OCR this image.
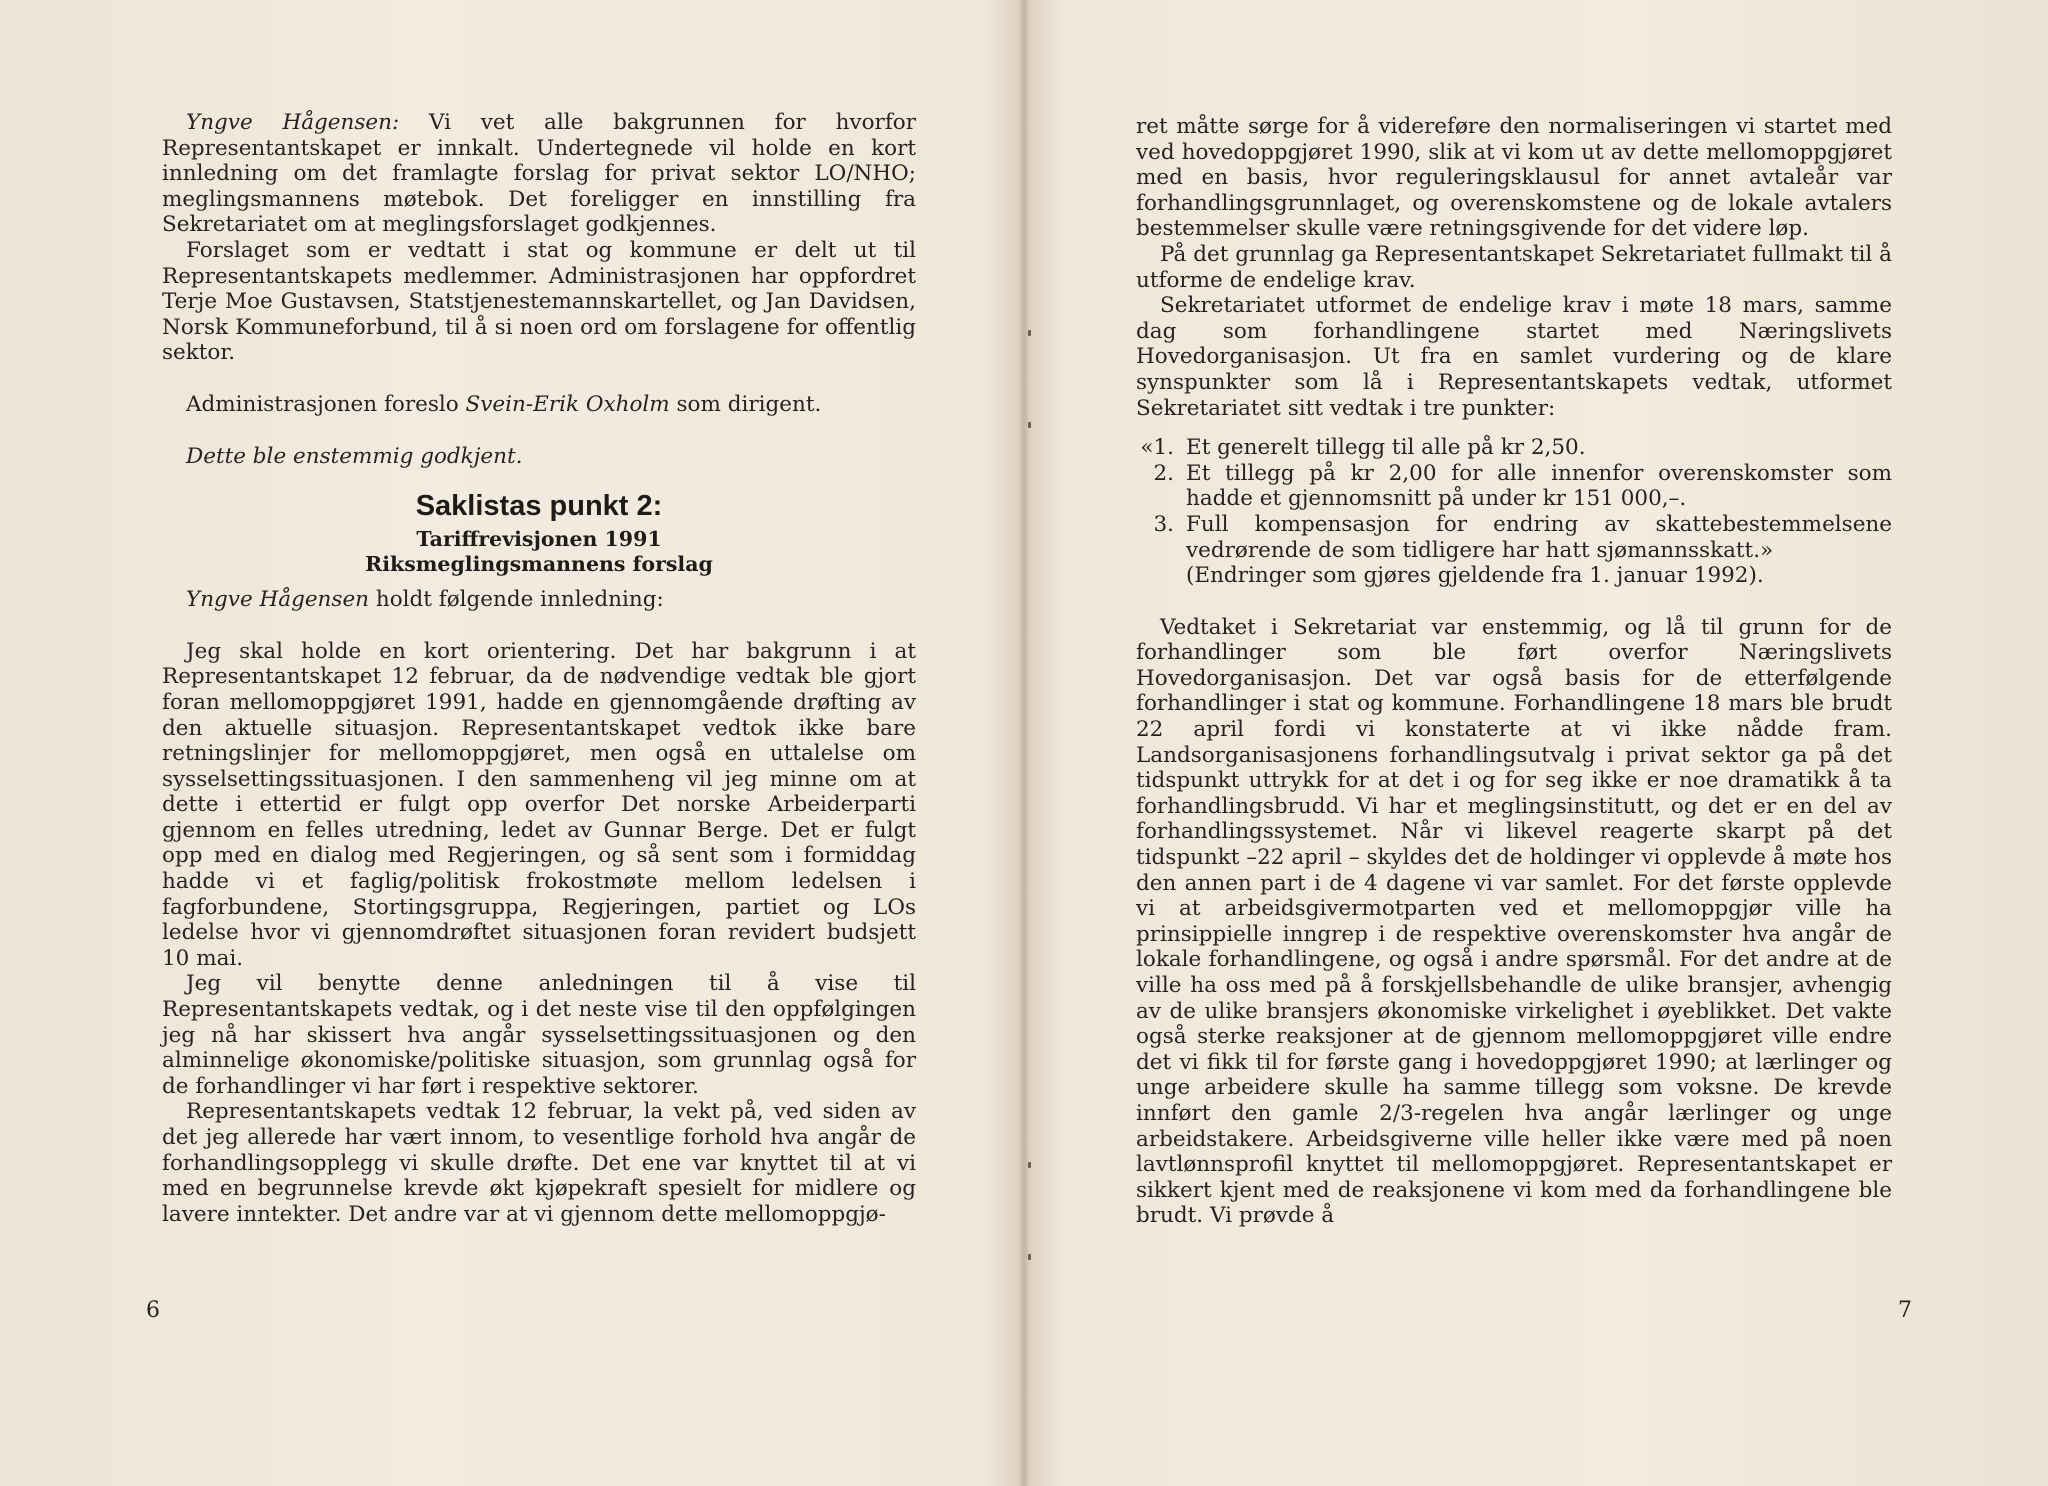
Yngve Hågensen: Vi vet alle bakgrunnen for hvorfor Representantskapet er innkalt. Undertegnede vil holde en kort innledning om det framlagte forslag for privat sektor LO/NHO; meglingsmannens møtebok. Det foreligger en innstilling fra Sekretariatet om at meglingsforslaget godkjennes.

Forslaget som er vedtatt i stat og kommune er delt ut til Representantskapets medlemmer. Administrasjonen har oppfordret Terje Moe Gustavsen, Statstjenestemannskartellet, og Jan Davidsen, Norsk Kommuneforbund, til å si noen ord om forslagene for offentlig sektor.

Administrasjonen foreslo Svein-Erik Oxholm som dirigent.

Dette ble enstemmig godkjent.

Saklistas punkt 2:
Tariffrevisjonen 1991
Riksmeglingsmannens forslag

Yngve Hågensen holdt følgende innledning:

Jeg skal holde en kort orientering. Det har bakgrunn i at Representantskapet 12 februar, da de nødvendige vedtak ble gjort foran mellomoppgjøret 1991, hadde en gjennomgående drøfting av den aktuelle situasjon. Representantskapet vedtok ikke bare retningslinjer for mellomoppgjøret, men også en uttalelse om sysselsettingssituasjonen. I den sammenheng vil jeg minne om at dette i ettertid er fulgt opp overfor Det norske Arbeiderparti gjennom en felles utredning, ledet av Gunnar Berge. Det er fulgt opp med en dialog med Regjeringen, og så sent som i formiddag hadde vi et faglig/politisk frokostmøte mellom ledelsen i fagforbundene, Stortingsgruppa, Regjeringen, partiet og LOs ledelse hvor vi gjennomdrøftet situasjonen foran revidert budsjett 10 mai.

Jeg vil benytte denne anledningen til å vise til Representantskapets vedtak, og i det neste vise til den oppfølgingen jeg nå har skissert hva angår sysselsettingssituasjonen og den alminnelige økonomiske/politiske situasjon, som grunnlag også for de forhandlinger vi har ført i respektive sektorer.

Representantskapets vedtak 12 februar, la vekt på, ved siden av det jeg allerede har vært innom, to vesentlige forhold hva angår de forhandlingsopplegg vi skulle drøfte. Det ene var knyttet til at vi med en begrunnelse krevde økt kjøpekraft spesielt for midlere og lavere inntekter. Det andre var at vi gjennom dette mellomoppgjø-

6

ret måtte sørge for å videreføre den normaliseringen vi startet med ved hovedoppgjøret 1990, slik at vi kom ut av dette mellomoppgjøret med en basis, hvor reguleringsklausul for annet avtaleår var forhandlingsgrunnlaget, og overenskomstene og de lokale avtalers bestemmelser skulle være retningsgivende for det videre løp.

På det grunnlag ga Representantskapet Sekretariatet fullmakt til å utforme de endelige krav.

Sekretariatet utformet de endelige krav i møte 18 mars, samme dag som forhandlingene startet med Næringslivets Hovedorganisasjon. Ut fra en samlet vurdering og de klare synspunkter som lå i Representantskapets vedtak, utformet Sekretariatet sitt vedtak i tre punkter:

«1. Et generelt tillegg til alle på kr 2,50.
2. Et tillegg på kr 2,00 for alle innenfor overenskomster som hadde et gjennomsnitt på under kr 151 000,–.
3. Full kompensasjon for endring av skattebestemmelsene vedrørende de som tidligere har hatt sjømannsskatt.»

(Endringer som gjøres gjeldende fra 1. januar 1992).

Vedtaket i Sekretariat var enstemmig, og lå til grunn for de forhandlinger som ble ført overfor Næringslivets Hovedorganisasjon. Det var også basis for de etterfølgende forhandlinger i stat og kommune. Forhandlingene 18 mars ble brudt 22 april fordi vi konstaterte at vi ikke nådde fram. Landsorganisasjonens forhandlingsutvalg i privat sektor ga på det tidspunkt uttrykk for at det i og for seg ikke er noe dramatikk å ta forhandlingsbrudd. Vi har et meglingsinstitutt, og det er en del av forhandlingssystemet. Når vi likevel reagerte skarpt på det tidspunkt –22 april – skyldes det de holdinger vi opplevde å møte hos den annen part i de 4 dagene vi var samlet. For det første opplevde vi at arbeidsgivermotparten ved et mellomoppgjør ville ha prinsippielle inngrep i de respektive overenskomster hva angår de lokale forhandlingene, og også i andre spørsmål. For det andre at de ville ha oss med på å forskjellsbehandle de ulike bransjer, avhengig av de ulike bransjers økonomiske virkelighet i øyeblikket. Det vakte også sterke reaksjoner at de gjennom mellomoppgjøret ville endre det vi fikk til for første gang i hovedoppgjøret 1990; at lærlinger og unge arbeidere skulle ha samme tillegg som voksne. De krevde innført den gamle 2/3-regelen hva angår lærlinger og unge arbeidstakere. Arbeidsgiverne ville heller ikke være med på noen lavtlønnsprofil knyttet til mellomoppgjøret. Representantskapet er sikkert kjent med de reaksjonene vi kom med da forhandlingene ble brudt. Vi prøvde å

7
